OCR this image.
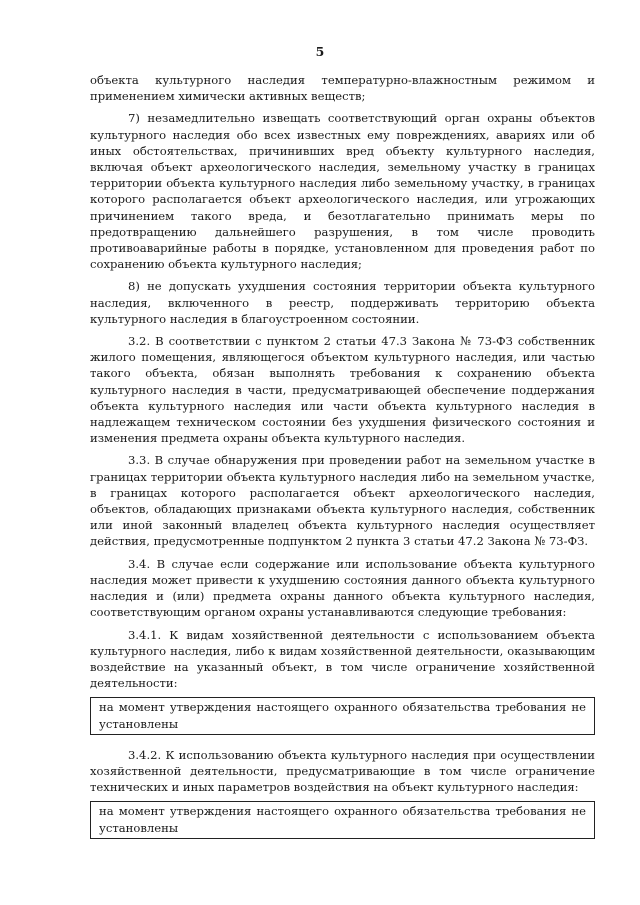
5

объекта культурного наследия температурно-влажностным режимом и применением химически активных веществ;

7) незамедлительно извещать соответствующий орган охраны объектов культурного наследия обо всех известных ему повреждениях, авариях или об иных обстоятельствах, причинивших вред объекту культурного наследия, включая объект археологического наследия, земельному участку в границах территории объекта культурного наследия либо земельному участку, в границах которого располагается объект археологического наследия, или угрожающих причинением такого вреда, и безотлагательно принимать меры по предотвращению дальнейшего разрушения, в том числе проводить противоаварийные работы в порядке, установленном для проведения работ по сохранению объекта культурного наследия;

8) не допускать ухудшения состояния территории объекта культурного наследия, включенного в реестр, поддерживать территорию объекта культурного наследия в благоустроенном состоянии.

3.2. В соответствии с пунктом 2 статьи 47.3 Закона № 73-ФЗ собственник жилого помещения, являющегося объектом культурного наследия, или частью такого объекта, обязан выполнять требования к сохранению объекта культурного наследия в части, предусматривающей обеспечение поддержания объекта культурного наследия или части объекта культурного наследия в надлежащем техническом состоянии без ухудшения физического состояния и изменения предмета охраны объекта культурного наследия.

3.3. В случае обнаружения при проведении работ на земельном участке в границах территории объекта культурного наследия либо на земельном участке, в границах которого располагается объект археологического наследия, объектов, обладающих признаками объекта культурного наследия, собственник или иной законный владелец объекта культурного наследия осуществляет действия, предусмотренные подпунктом 2 пункта 3 статьи 47.2 Закона № 73-ФЗ.

3.4. В случае если содержание или использование объекта культурного наследия может привести к ухудшению состояния данного объекта культурного наследия и (или) предмета охраны данного объекта культурного наследия, соответствующим органом охраны устанавливаются следующие требования:

3.4.1. К видам хозяйственной деятельности с использованием объекта культурного наследия, либо к видам хозяйственной деятельности, оказывающим воздействие на указанный объект, в том числе ограничение хозяйственной деятельности:

на момент утверждения настоящего охранного обязательства требования не установлены

3.4.2. К использованию объекта культурного наследия при осуществлении хозяйственной деятельности, предусматривающие в том числе ограничение технических и иных параметров воздействия на объект культурного наследия:

на момент утверждения настоящего охранного обязательства требования не установлены
